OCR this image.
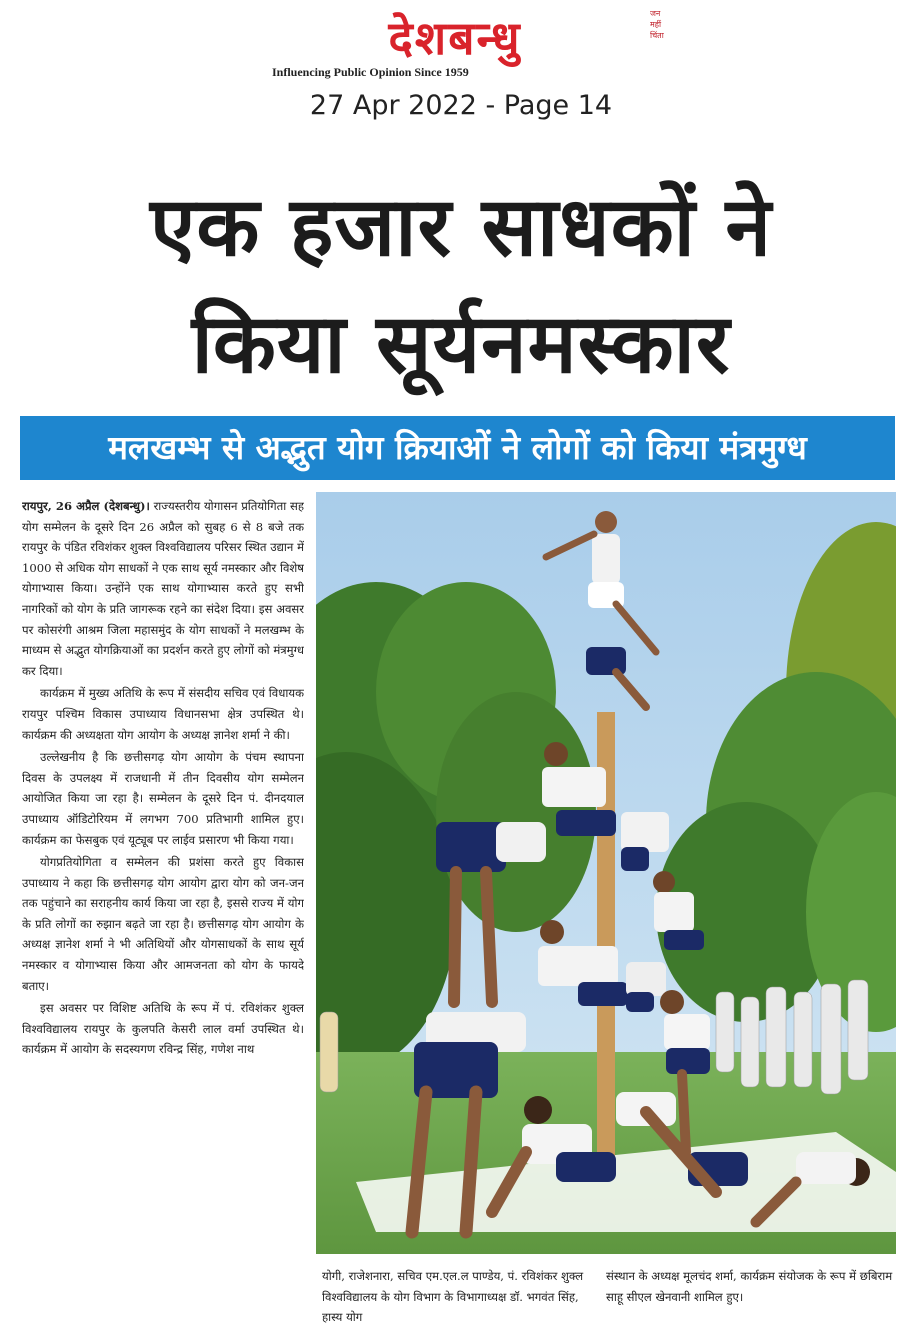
जन महीं चिंता
देशबन्धु
Influencing Public Opinion Since 1959
27 Apr 2022 - Page 14
एक हजार साधकों ने
किया सूर्यनमस्कार
मलखम्भ से अद्भुत योग क्रियाओं ने लोगों को किया मंत्रमुग्ध

रायपुर, 26 अप्रैल (देशबन्धु)। राज्यस्तरीय योगासन प्रतियोगिता सह योग सम्मेलन के दूसरे दिन 26 अप्रैल को सुबह 6 से 8 बजे तक रायपुर के पंडित रविशंकर शुक्ल विश्वविद्यालय परिसर स्थित उद्यान में 1000 से अधिक योग साधकों ने एक साथ सूर्य नमस्कार और विशेष योगाभ्यास किया। उन्होंने एक साथ योगाभ्यास करते हुए सभी नागरिकों को योग के प्रति जागरूक रहने का संदेश दिया। इस अवसर पर कोसरंगी आश्रम जिला महासमुंद के योग साधकों ने मलखम्भ के माध्यम से अद्भुत योगक्रियाओं का प्रदर्शन करते हुए लोगों को मंत्रमुग्ध कर दिया।

कार्यक्रम में मुख्य अतिथि के रूप में संसदीय सचिव एवं विधायक रायपुर पश्चिम विकास उपाध्याय विधानसभा क्षेत्र उपस्थित थे। कार्यक्रम की अध्यक्षता योग आयोग के अध्यक्ष ज्ञानेश शर्मा ने की।

उल्लेखनीय है कि छत्तीसगढ़ योग आयोग के पंचम स्थापना दिवस के उपलक्ष्य में राजधानी में तीन दिवसीय योग सम्मेलन आयोजित किया जा रहा है। सम्मेलन के दूसरे दिन पं. दीनदयाल उपाध्याय ऑडिटोरियम में लगभग 700 प्रतिभागी शामिल हुए। कार्यक्रम का फेसबुक एवं यूट्यूब पर लाईव प्रसारण भी किया गया।

योगप्रतियोगिता व सम्मेलन की प्रशंसा करते हुए विकास उपाध्याय ने कहा कि छत्तीसगढ़ योग आयोग द्वारा योग को जन-जन तक पहुंचाने का सराहनीय कार्य किया जा रहा है, इससे राज्य में योग के प्रति लोगों का रुझान बढ़ते जा रहा है। छत्तीसगढ़ योग आयोग के अध्यक्ष ज्ञानेश शर्मा ने भी अतिथियों और योगसाधकों के साथ सूर्य नमस्कार व योगाभ्यास किया और आमजनता को योग के फायदे बताए।

इस अवसर पर विशिष्ट अतिथि के रूप में पं. रविशंकर शुक्ल विश्वविद्यालय रायपुर के कुलपति केसरी लाल वर्मा उपस्थित थे। कार्यक्रम में आयोग के सदस्यगण रविन्द्र सिंह, गणेश नाथ

योगी, राजेशनारा, सचिव एम.एल.ल पाण्डेय, पं. रविशंकर शुक्ल विश्वविद्यालय के योग विभाग के विभागाध्यक्ष डॉ. भगवंत सिंह, हास्य योग
संस्थान के अध्यक्ष मूलचंद शर्मा, कार्यक्रम संयोजक के रूप में छबिराम साहू सीएल खेनवानी शामिल हुए।
